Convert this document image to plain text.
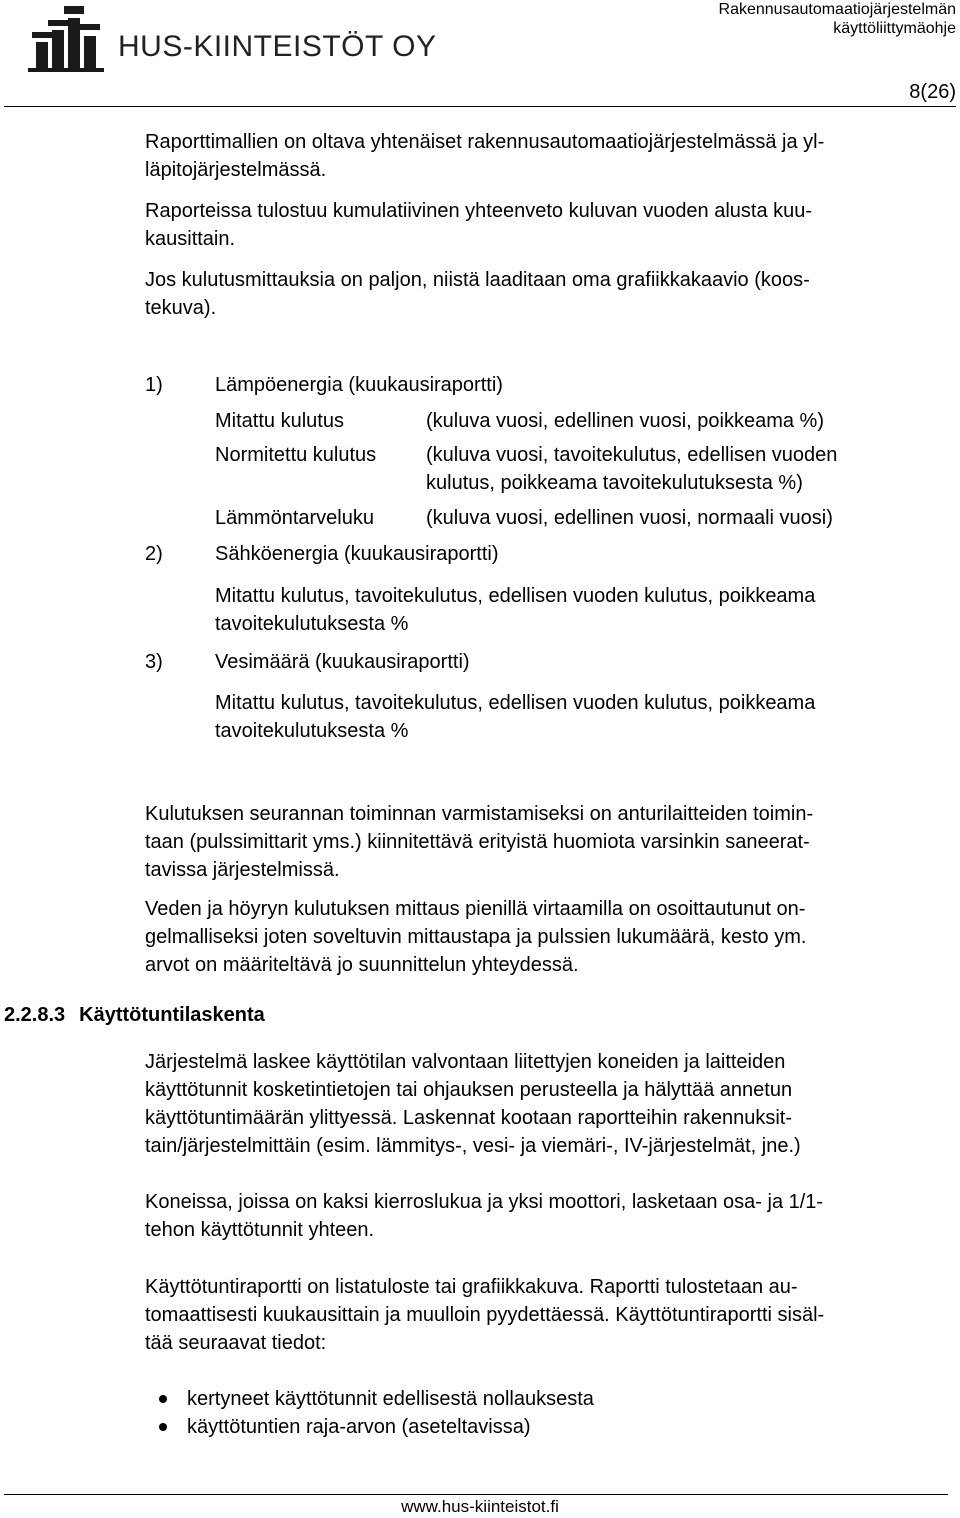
HUS-KIINTEISTÖT OY
Rakennusautomaatiojärjestelmän
käyttöliittymäohje
8(26)

Raporttimallien on oltava yhtenäiset rakennusautomaatiojärjestelmässä ja yl-

läpitojärjestelmässä.

Raporteissa tulostuu kumulatiivinen yhteenveto kuluvan vuoden alusta kuu-

kausittain.

Jos kulutusmittauksia on paljon, niistä laaditaan oma grafiikkakaavio (koos-

tekuva).

1)	Lämpöenergia (kuukausiraportti)

Mitattu kulutus	(kuluva vuosi, edellinen vuosi, poikkeama %)

Normitettu kulutus (kuluva vuosi, tavoitekulutus, edellisen vuoden

kulutus, poikkeama tavoitekulutuksesta %)

Lämmöntarveluku	(kuluva vuosi, edellinen vuosi, normaali vuosi)

2)	Sähköenergia (kuukausiraportti)

Mitattu kulutus, tavoitekulutus, edellisen vuoden kulutus, poikkeama

tavoitekulutuksesta %

3)	Vesimäärä (kuukausiraportti)

Mitattu kulutus, tavoitekulutus, edellisen vuoden kulutus, poikkeama

tavoitekulutuksesta %

Kulutuksen seurannan toiminnan varmistamiseksi on anturilaitteiden toimin-

taan (pulssimittarit yms.) kiinnitettävä erityistä huomiota varsinkin saneerat-

tavissa järjestelmissä.

Veden ja höyryn kulutuksen mittaus pienillä virtaamilla on osoittautunut on-

gelmalliseksi joten soveltuvin mittaustapa ja pulssien lukumäärä, kesto ym.

arvot on määriteltävä jo suunnittelun yhteydessä.

2.2.8.3 Käyttötuntilaskenta

Järjestelmä laskee käyttötilan valvontaan liitettyjen koneiden ja laitteiden

käyttötunnit kosketintietojen tai ohjauksen perusteella ja hälyttää annetun

käyttötuntimäärän ylittyessä. Laskennat kootaan raportteihin rakennuksit-

tain/järjestelmittäin (esim. lämmitys-, vesi- ja viemäri-, IV-järjestelmät, jne.)

Koneissa, joissa on kaksi kierroslukua ja yksi moottori, lasketaan osa- ja 1/1-

tehon käyttötunnit yhteen.

Käyttötuntiraportti on listatuloste tai grafiikkakuva. Raportti tulostetaan au-

tomaattisesti kuukausittain ja muulloin pyydettäessä. Käyttötuntiraportti sisäl-

tää seuraavat tiedot:

kertyneet käyttötunnit edellisestä nollauksesta

käyttötuntien raja-arvon (aseteltavissa)

www.hus-kiinteistot.fi
